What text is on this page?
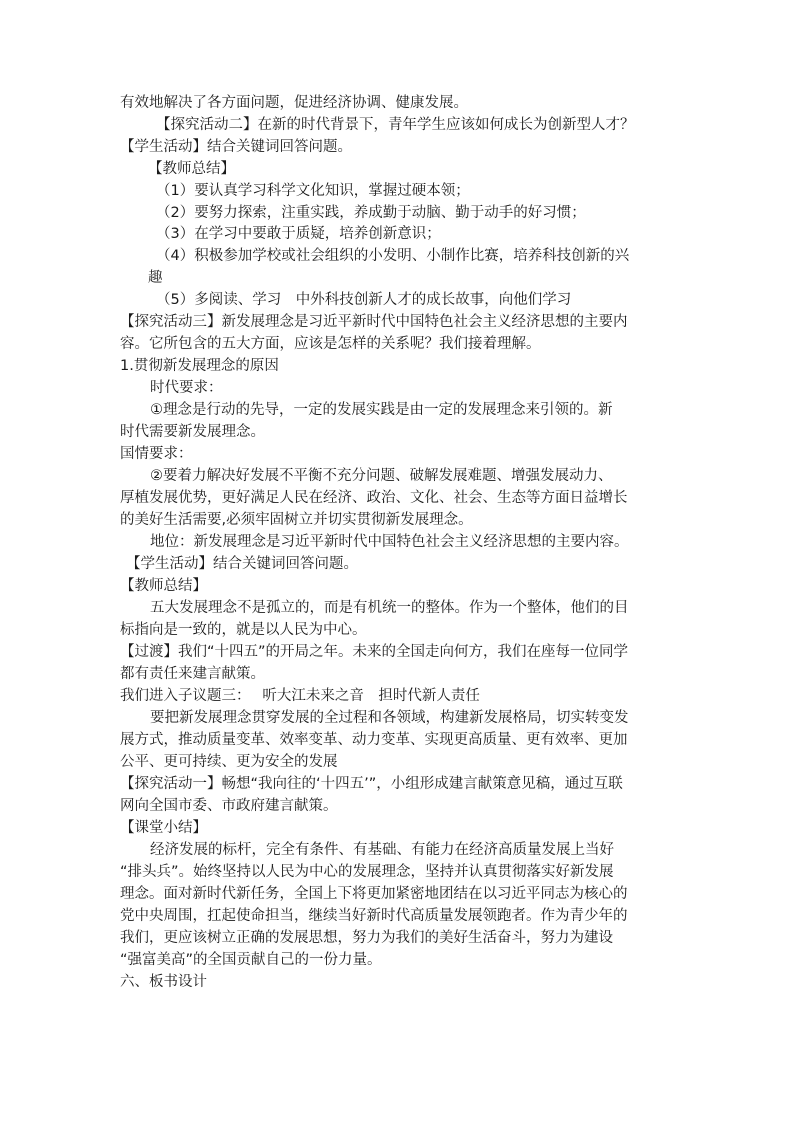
有效地解决了各方面问题，促进经济协调、健康发展。
【探究活动二】在新的时代背景下，青年学生应该如何成长为创新型人才？
【学生活动】结合关键词回答问题。
【教师总结】
（1）要认真学习科学文化知识，掌握过硬本领；
（2）要努力探索，注重实践，养成勤于动脑、勤于动手的好习惯；
（3）在学习中要敢于质疑，培养创新意识；
（4）积极参加学校或社会组织的小发明、小制作比赛，培养科技创新的兴
趣
（5）多阅读、学习　中外科技创新人才的成长故事，向他们学习
【探究活动三】新发展理念是习近平新时代中国特色社会主义经济思想的主要内
容。它所包含的五大方面，应该是怎样的关系呢？我们接着理解。
1.贯彻新发展理念的原因
时代要求：
①理念是行动的先导，一定的发展实践是由一定的发展理念来引领的。新
时代需要新发展理念。
国情要求：
②要着力解决好发展不平衡不充分问题、破解发展难题、增强发展动力、
厚植发展优势，更好满足人民在经济、政治、文化、社会、生态等方面日益增长
的美好生活需要,必须牢固树立并切实贯彻新发展理念。
地位：新发展理念是习近平新时代中国特色社会主义经济思想的主要内容。
【学生活动】结合关键词回答问题。
【教师总结】
五大发展理念不是孤立的，而是有机统一的整体。作为一个整体，他们的目
标指向是一致的，就是以人民为中心。
【过渡】我们“十四五”的开局之年。未来的全国走向何方，我们在座每一位同学
都有责任来建言献策。
我们进入子议题三：　 听大江未来之音　担时代新人责任
要把新发展理念贯穿发展的全过程和各领域，构建新发展格局，切实转变发
展方式，推动质量变革、效率变革、动力变革、实现更高质量、更有效率、更加
公平、更可持续、更为安全的发展
【探究活动一】畅想“我向往的‘十四五’”，小组形成建言献策意见稿，通过互联
网向全国市委、市政府建言献策。
【课堂小结】
经济发展的标杆，完全有条件、有基础、有能力在经济高质量发展上当好
“排头兵”。始终坚持以人民为中心的发展理念，坚持并认真贯彻落实好新发展
理念。面对新时代新任务，全国上下将更加紧密地团结在以习近平同志为核心的
党中央周围，扛起使命担当，继续当好新时代高质量发展领跑者。作为青少年的
我们，更应该树立正确的发展思想，努力为我们的美好生活奋斗，努力为建设
“强富美高”的全国贡献自己的一份力量。
六、板书设计
